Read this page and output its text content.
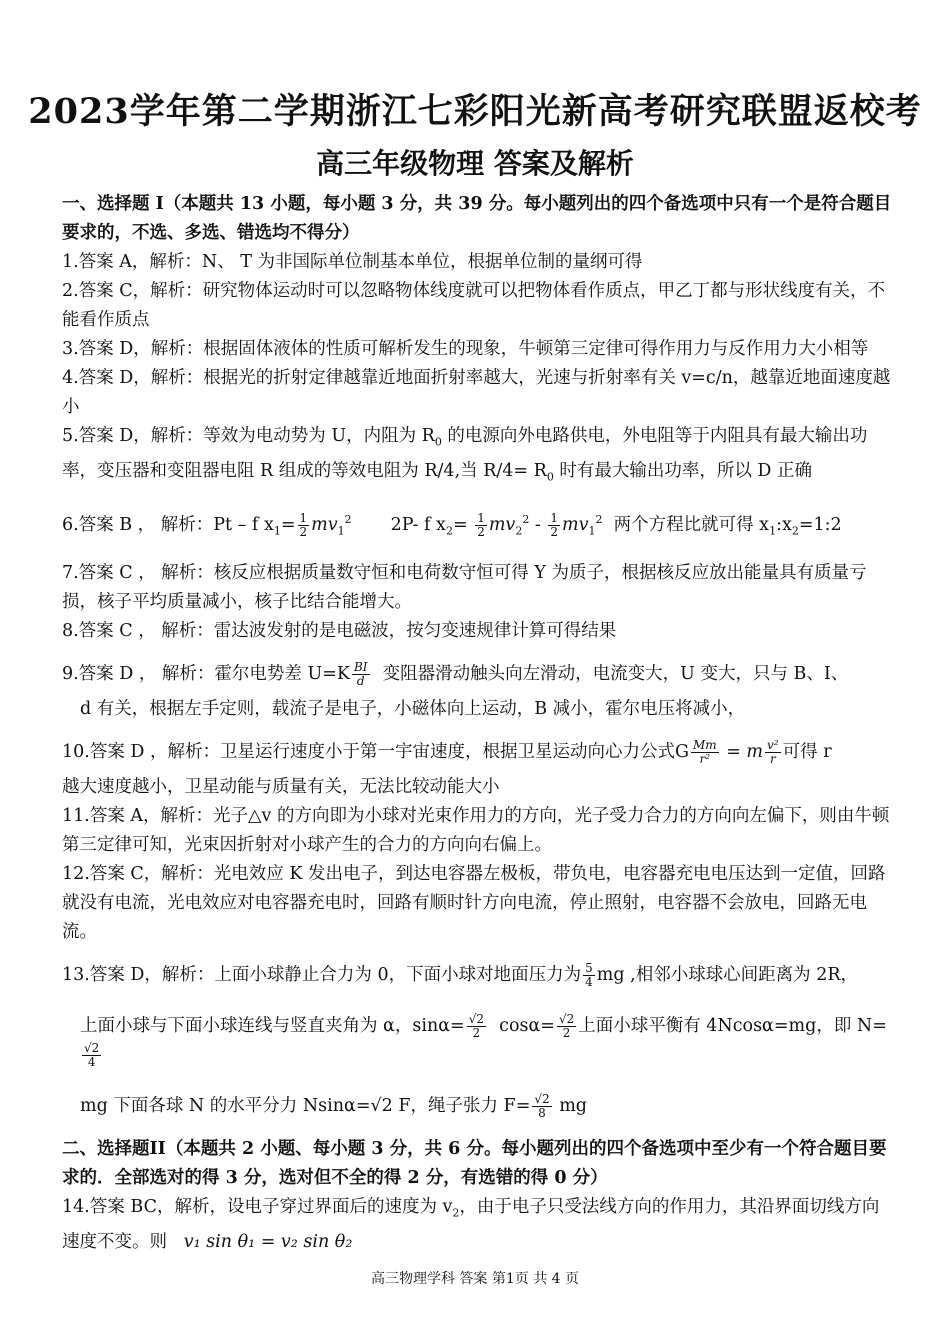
2023学年第二学期浙江七彩阳光新高考研究联盟返校考
高三年级物理 答案及解析

一、选择题 I（本题共 13 小题，每小题 3 分，共 39 分。每小题列出的四个备选项中只有一个是符合题目要求的，不选、多选、错选均不得分）

1.答案 A，解析：N、 T 为非国际单位制基本单位，根据单位制的量纲可得

2.答案 C，解析：研究物体运动时可以忽略物体线度就可以把物体看作质点，甲乙丁都与形状线度有关，不能看作质点

3.答案 D，解析：根据固体液体的性质可解析发生的现象，牛顿第三定律可得作用力与反作用力大小相等

4.答案 D，解析：根据光的折射定律越靠近地面折射率越大，光速与折射率有关 v=c/n，越靠近地面速度越小

5.答案 D，解析：等效为电动势为 U，内阻为 $R_0$ 的电源向外电路供电，外电阻等于内阻具有最大输出功率，变压器和变阻器电阻 R 组成的等效电阻为 R/4,当 $R/4= R_0$ 时有最大输出功率，所以 D 正确

6.答案 B ， 解析：Pt – f $x_1= \frac{1}{2} mv_1^2$ 2P- f $x_2= \frac{1}{2} mv_2^2 - \frac{1}{2} mv_1^2$ 两个方程比就可得 $x_1:x_2=1:2$

7.答案 C ， 解析：核反应根据质量数守恒和电荷数守恒可得 Y 为质子，根据核反应放出能量具有质量亏损，核子平均质量减小，核子比结合能增大。

8.答案 C ， 解析：雷达波发射的是电磁波，按匀变速规律计算可得结果

9.答案 D ， 解析：霍尔电势差 $U=K \frac{BI}{d}$ 变阻器滑动触头向左滑动，电流变大，U 变大，只与 B、I、

d 有关，根据左手定则，载流子是电子，小磁体向上运动，B 减小，霍尔电压将减小，

10.答案 D ，解析：卫星运行速度小于第一宇宙速度，根据卫星运动向心力公式G $\frac{Mm}{\text{r²}} = m \frac{\text{v²}}{r}$ 可得 r

越大速度越小，卫星动能与质量有关，无法比较动能大小

11.答案 A，解析：光子△v 的方向即为小球对光束作用力的方向，光子受力合力的方向向左偏下，则由牛顿第三定律可知，光束因折射对小球产生的合力的方向向右偏上。

12.答案 C，解析：光电效应 K 发出电子，到达电容器左极板，带负电，电容器充电电压达到一定值，回路就没有电流，光电效应对电容器充电时，回路有顺时针方向电流，停止照射，电容器不会放电，回路无电流。

13.答案 D，解析：上面小球静止合力为 0，下面小球对地面压力为 $\frac{5}{4}$ mg ,相邻小球球心间距离为 2R，

上面小球与下面小球连线与竖直夹角为 α，$\sin\alpha= \frac{√2}{2} \cos\alpha= \frac{√2}{2}$ 上面小球平衡有 4Ncosα=mg，即 N=
$\frac{√2}{4}$

mg 下面各球 N 的水平分力 Nsinα=√2 F，绳子张力 $F= \frac{√2}{8}$ mg

二、选择题II（本题共 2 小题、每小题 3 分，共 6 分。每小题列出的四个备选项中至少有一个符合题目要求的．全部选对的得 3 分，选对但不全的得 2 分，有选错的得 0 分）

14.答案 BC，解析，设电子穿过界面后的速度为 $v_2$，由于电子只受法线方向的作用力，其沿界面切线方向速度不变。则 v₁ sin θ₁ = v₂ sin θ₂

高三物理学科 答案 第1页 共 4 页
